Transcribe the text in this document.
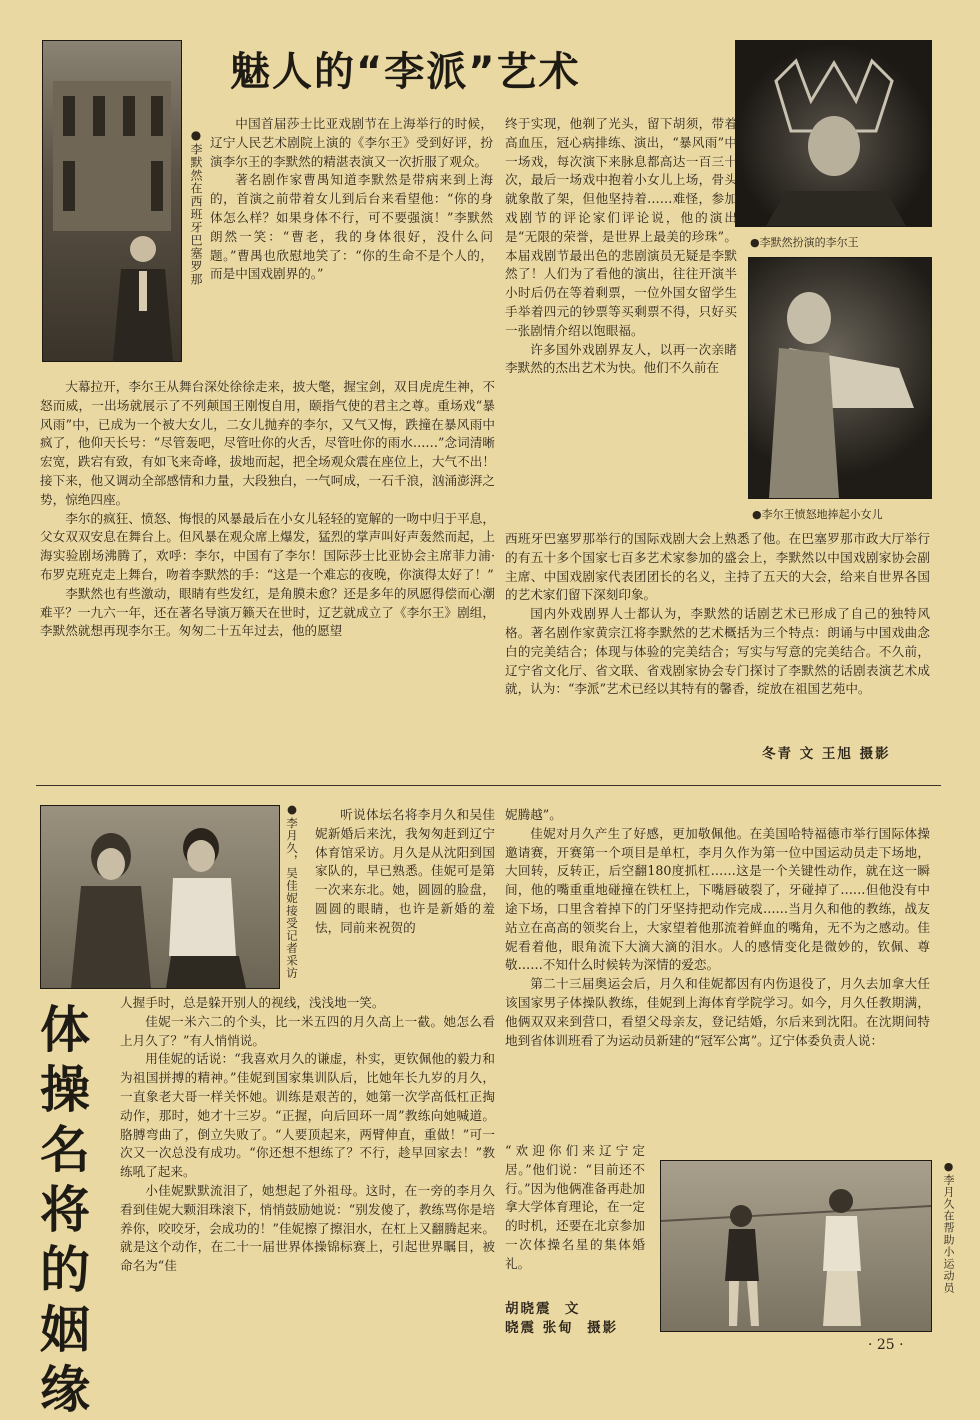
●李默然在西班牙巴塞罗那
魅人的“李派”艺术
●李默然扮演的李尔王
●李尔王愤怒地捧起小女儿

中国首届莎士比亚戏剧节在上海举行的时候，辽宁人民艺术剧院上演的《李尔王》受到好评，扮演李尔王的李默然的精湛表演又一次折服了观众。

著名剧作家曹禺知道李默然是带病来到上海的，首演之前带着女儿到后台来看望他：“你的身体怎么样？如果身体不行，可不要强演！”李默然朗然一笑：“曹老，我的身体很好，没什么问题。”曹禺也欣慰地笑了：“你的生命不是个人的，而是中国戏剧界的。”

终于实现，他剃了光头，留下胡须，带着高血压，冠心病排练、演出，“暴风雨”中一场戏，每次演下来脉息都高达一百三十次，最后一场戏中抱着小女儿上场，骨头就象散了架，但他坚持着……难怪，参加戏剧节的评论家们评论说，他的演出是“无限的荣誉，是世界上最美的珍珠”。本届戏剧节最出色的悲剧演员无疑是李默然了！人们为了看他的演出，往往开演半小时后仍在等着剩票，一位外国女留学生手举着四元的钞票等买剩票不得，只好买一张剧情介绍以饱眼福。

许多国外戏剧界友人，以再一次亲睹李默然的杰出艺术为快。他们不久前在

大幕拉开，李尔王从舞台深处徐徐走来，披大氅，握宝剑，双目虎虎生神，不怒而威，一出场就展示了不列颠国王刚愎自用，颐指气使的君主之尊。重场戏“暴风雨”中，已成为一个被大女儿，二女儿抛弃的李尔，又气又悔，跌撞在暴风雨中疯了，他仰天长号：“尽管轰吧，尽管吐你的火舌，尽管吐你的雨水……”念词清晰宏宽，跌宕有致，有如飞来奇峰，拔地而起，把全场观众震在座位上，大气不出！接下来，他又调动全部感情和力量，大段独白，一气呵成，一石千浪，汹涌澎湃之势，惊绝四座。

李尔的疯狂、愤怒、悔恨的风暴最后在小女儿轻轻的宽解的一吻中归于平息，父女双双安息在舞台上。但风暴在观众席上爆发，猛烈的掌声叫好声轰然而起，上海实验剧场沸腾了，欢呼：李尔，中国有了李尔！国际莎士比亚协会主席菲力浦·布罗克班克走上舞台，吻着李默然的手：“这是一个难忘的夜晚，你演得太好了！”

李默然也有些激动，眼睛有些发红，是角膜未愈？还是多年的夙愿得偿而心潮难平？一九六一年，还在著名导演万籁天在世时，辽艺就成立了《李尔王》剧组，李默然就想再现李尔王。匆匆二十五年过去，他的愿望

西班牙巴塞罗那举行的国际戏剧大会上熟悉了他。在巴塞罗那市政大厅举行的有五十多个国家七百多艺术家参加的盛会上，李默然以中国戏剧家协会副主席、中国戏剧家代表团团长的名义，主持了五天的大会，给来自世界各国的艺术家们留下深刻印象。

国内外戏剧界人士都认为，李默然的话剧艺术已形成了自己的独特风格。著名剧作家黄宗江将李默然的艺术概括为三个特点：朗诵与中国戏曲念白的完美结合；体现与体验的完美结合；写实与写意的完美结合。不久前，辽宁省文化厅、省文联、省戏剧家协会专门探讨了李默然的话剧表演艺术成就，认为：“李派”艺术已经以其特有的馨香，绽放在祖国艺苑中。

冬青 文 王旭 摄影
●李月久，吴佳妮接受记者采访	听说体坛名将李月久和吴佳妮新婚后来沈，我匆匆赶到辽宁体育馆采访。月久是从沈阳到国家队的，早已熟悉。佳妮可是第一次来东北。她，圆圆的脸盘，圆圆的眼睛，也许是新婚的羞怯，同前来祝贺的

体操名将的姻缘

人握手时，总是躲开别人的视线，浅浅地一笑。

佳妮一米六二的个头，比一米五四的月久高上一截。她怎么看上月久了？”有人悄悄说。

用佳妮的话说：“我喜欢月久的谦虚，朴实，更钦佩他的毅力和为祖国拼搏的精神。”佳妮到国家集训队后，比她年长九岁的月久，一直象老大哥一样关怀她。训练是艰苦的，她第一次学高低杠正掏动作，那时，她才十三岁。“正握，向后回环一周”教练向她喊道。胳膊弯曲了，倒立失败了。“人要顶起来，两臂伸直，重做！”可一次又一次总没有成功。“你还想不想练了？不行，趁早回家去！”教练吼了起来。

小佳妮默默流泪了，她想起了外祖母。这时，在一旁的李月久看到佳妮大颗泪珠滚下，悄悄鼓励她说：“别发傻了，教练骂你是培养你，咬咬牙，会成功的！”佳妮擦了擦泪水，在杠上又翻腾起来。就是这个动作，在二十一届世界体操锦标赛上，引起世界瞩目，被命名为“佳

妮腾越”。

佳妮对月久产生了好感，更加敬佩他。在美国哈特福德市举行国际体操邀请赛，开赛第一个项目是单杠，李月久作为第一位中国运动员走下场地，大回转，反转正，后空翻180度抓杠……这是一个关键性动作，就在这一瞬间，他的嘴重重地碰撞在铁杠上，下嘴唇破裂了，牙碰掉了……但他没有中途下场，口里含着掉下的门牙坚持把动作完成……当月久和他的教练，战友站立在高高的领奖台上，大家望着他那流着鲜血的嘴角，无不为之感动。佳妮看着他，眼角流下大滴大滴的泪水。人的感情变化是微妙的，钦佩、尊敬……不知什么时候转为深情的爱恋。

第二十三届奥运会后，月久和佳妮都因有内伤退役了，月久去加拿大任该国家男子体操队教练，佳妮到上海体育学院学习。如今，月久任教期满，他俩双双来到营口，看望父母亲友，登记结婚，尔后来到沈阳。在沈期间特地到省体训班看了为运动员新建的“冠军公寓”。辽宁体委负责人说：

“欢迎你们来辽宁定居。”他们说：“目前还不行。”因为他俩准备再赴加拿大学体育理论，在一定的时机，还要在北京参加一次体操名星的集体婚礼。

胡晓震  文
晓震 张甸  摄影
●李月久在帮助小运动员
· 25 ·
